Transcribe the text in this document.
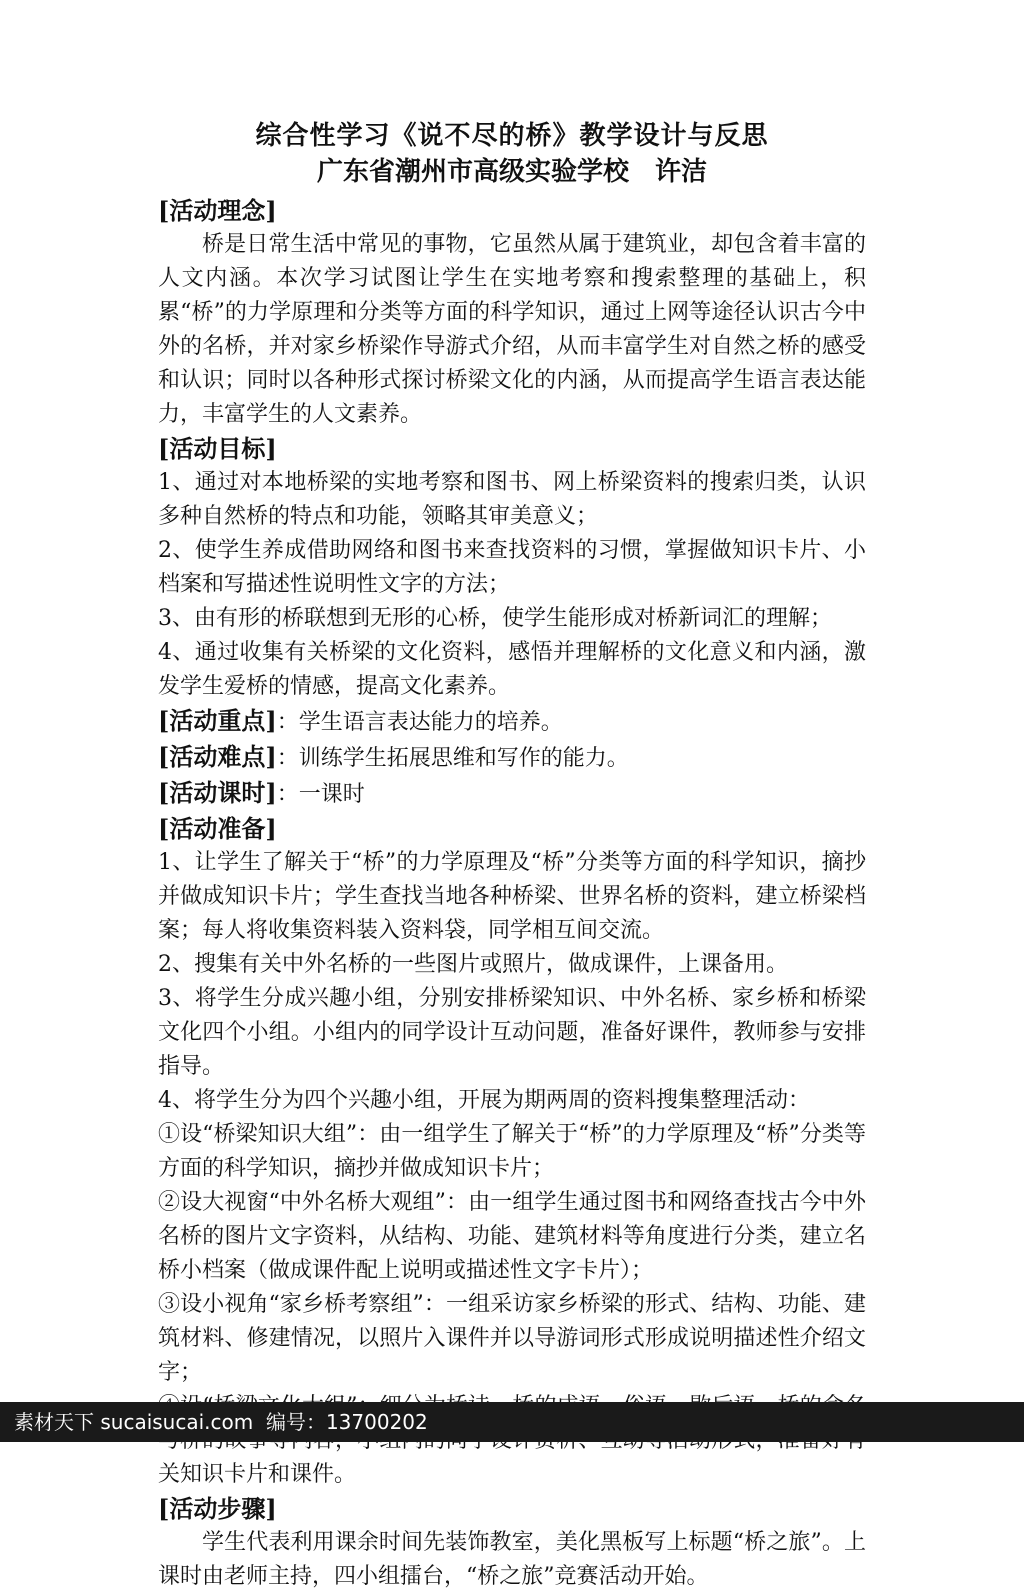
综合性学习《说不尽的桥》教学设计与反思
广东省潮州市高级实验学校　许洁
[活动理念]

桥是日常生活中常见的事物，它虽然从属于建筑业，却包含着丰富的人文内涵。本次学习试图让学生在实地考察和搜索整理的基础上，积累“桥”的力学原理和分类等方面的科学知识，通过上网等途径认识古今中外的名桥，并对家乡桥梁作导游式介绍，从而丰富学生对自然之桥的感受和认识；同时以各种形式探讨桥梁文化的内涵，从而提高学生语言表达能力，丰富学生的人文素养。

[活动目标]

1、通过对本地桥梁的实地考察和图书、网上桥梁资料的搜索归类，认识多种自然桥的特点和功能，领略其审美意义；

2、使学生养成借助网络和图书来查找资料的习惯，掌握做知识卡片、小档案和写描述性说明性文字的方法；

3、由有形的桥联想到无形的心桥，使学生能形成对桥新词汇的理解；

4、通过收集有关桥梁的文化资料，感悟并理解桥的文化意义和内涵，激发学生爱桥的情感，提高文化素养。

[活动重点]：学生语言表达能力的培养。
[活动难点]：训练学生拓展思维和写作的能力。
[活动课时]：一课时
[活动准备]

1、让学生了解关于“桥”的力学原理及“桥”分类等方面的科学知识，摘抄并做成知识卡片；学生查找当地各种桥梁、世界名桥的资料，建立桥梁档案；每人将收集资料装入资料袋，同学相互间交流。

2、搜集有关中外名桥的一些图片或照片，做成课件，上课备用。

3、将学生分成兴趣小组，分别安排桥梁知识、中外名桥、家乡桥和桥梁文化四个小组。小组内的同学设计互动问题，准备好课件，教师参与安排指导。

4、将学生分为四个兴趣小组，开展为期两周的资料搜集整理活动：

①设“桥梁知识大组”：由一组学生了解关于“桥”的力学原理及“桥”分类等方面的科学知识，摘抄并做成知识卡片；

②设大视窗“中外名桥大观组”：由一组学生通过图书和网络查找古今中外名桥的图片文字资料，从结构、功能、建筑材料等角度进行分类，建立名桥小档案（做成课件配上说明或描述性文字卡片）；

③设小视角“家乡桥考察组”：一组采访家乡桥梁的形式、结构、功能、建筑材料、修建情况，以照片入课件并以导游词形式形成说明描述性介绍文字；

关知识卡片和课件。

[活动步骤]

学生代表利用课余时间先装饰教室，美化黑板写上标题“桥之旅”。上课时由老师主持，四小组擂台，“桥之旅”竞赛活动开始。

素材天下 sucaisucai.com  编号：13700202
